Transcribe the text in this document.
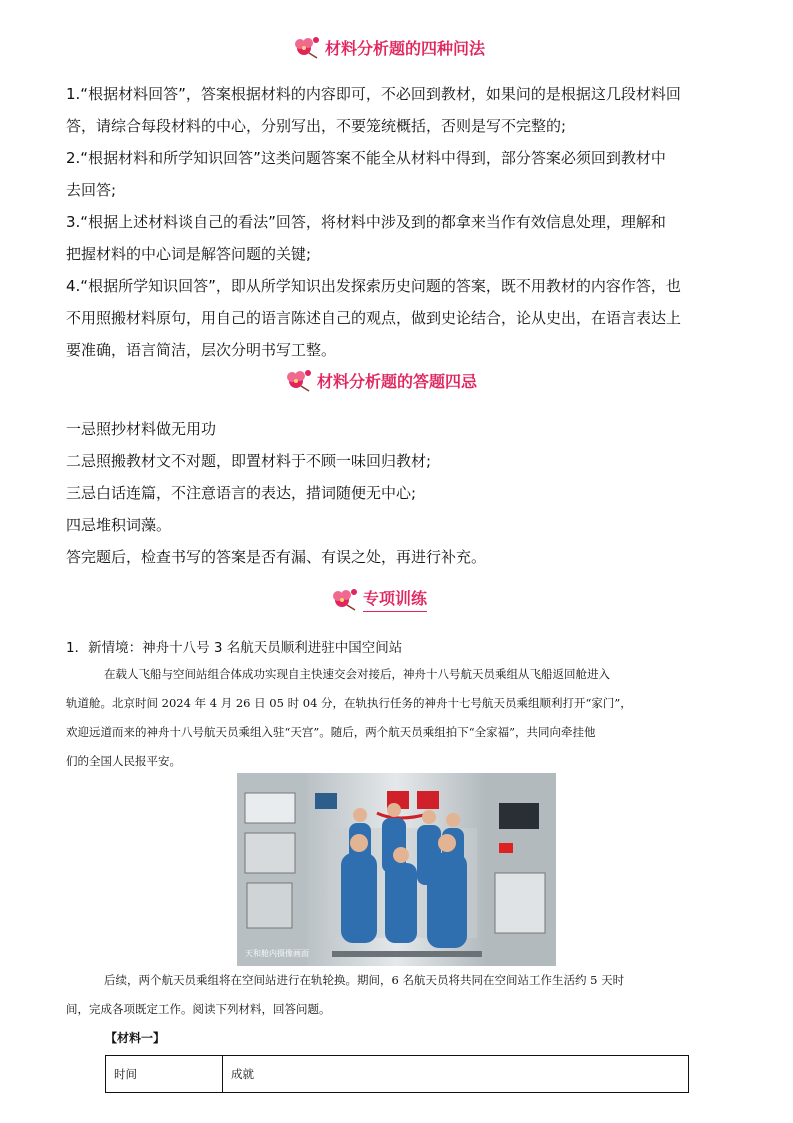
材料分析题的四种问法

1.“根据材料回答”，答案根据材料的内容即可，不必回到教材，如果问的是根据这几段材料回

答，请综合每段材料的中心，分别写出，不要笼统概括，否则是写不完整的;

2.“根据材料和所学知识回答”这类问题答案不能全从材料中得到，部分答案必须回到教材中

去回答;

3.“根据上述材料谈自己的看法”回答，将材料中涉及到的都拿来当作有效信息处理，理解和

把握材料的中心词是解答问题的关键;

4.“根据所学知识回答”，即从所学知识出发探索历史问题的答案，既不用教材的内容作答，也

不用照搬材料原句，用自己的语言陈述自己的观点，做到史论结合，论从史出，在语言表达上

要准确，语言简洁，层次分明书写工整。

材料分析题的答题四忌

一忌照抄材料做无用功

二忌照搬教材文不对题，即置材料于不顾一味回归教材;

三忌白话连篇，不注意语言的表达，措词随便无中心;

四忌堆积词藻。

答完题后，检查书写的答案是否有漏、有误之处，再进行补充。

专项训练
1．新情境：神舟十八号 3 名航天员顺利进驻中国空间站

在载人飞船与空间站组合体成功实现自主快速交会对接后，神舟十八号航天员乘组从飞船返回舱进入

轨道舱。北京时间 2024 年 4 月 26 日 05 时 04 分，在轨执行任务的神舟十七号航天员乘组顺利打开“家门”，

欢迎远道而来的神舟十八号航天员乘组入驻“天宫”。随后，两个航天员乘组拍下“全家福”，共同向牵挂他

们的全国人民报平安。

天和舱内摄像画面

后续，两个航天员乘组将在空间站进行在轨轮换。期间，6 名航天员将共同在空间站工作生活约 5 天时

间，完成各项既定工作。阅读下列材料，回答问题。

【材料一】
时间	成就
